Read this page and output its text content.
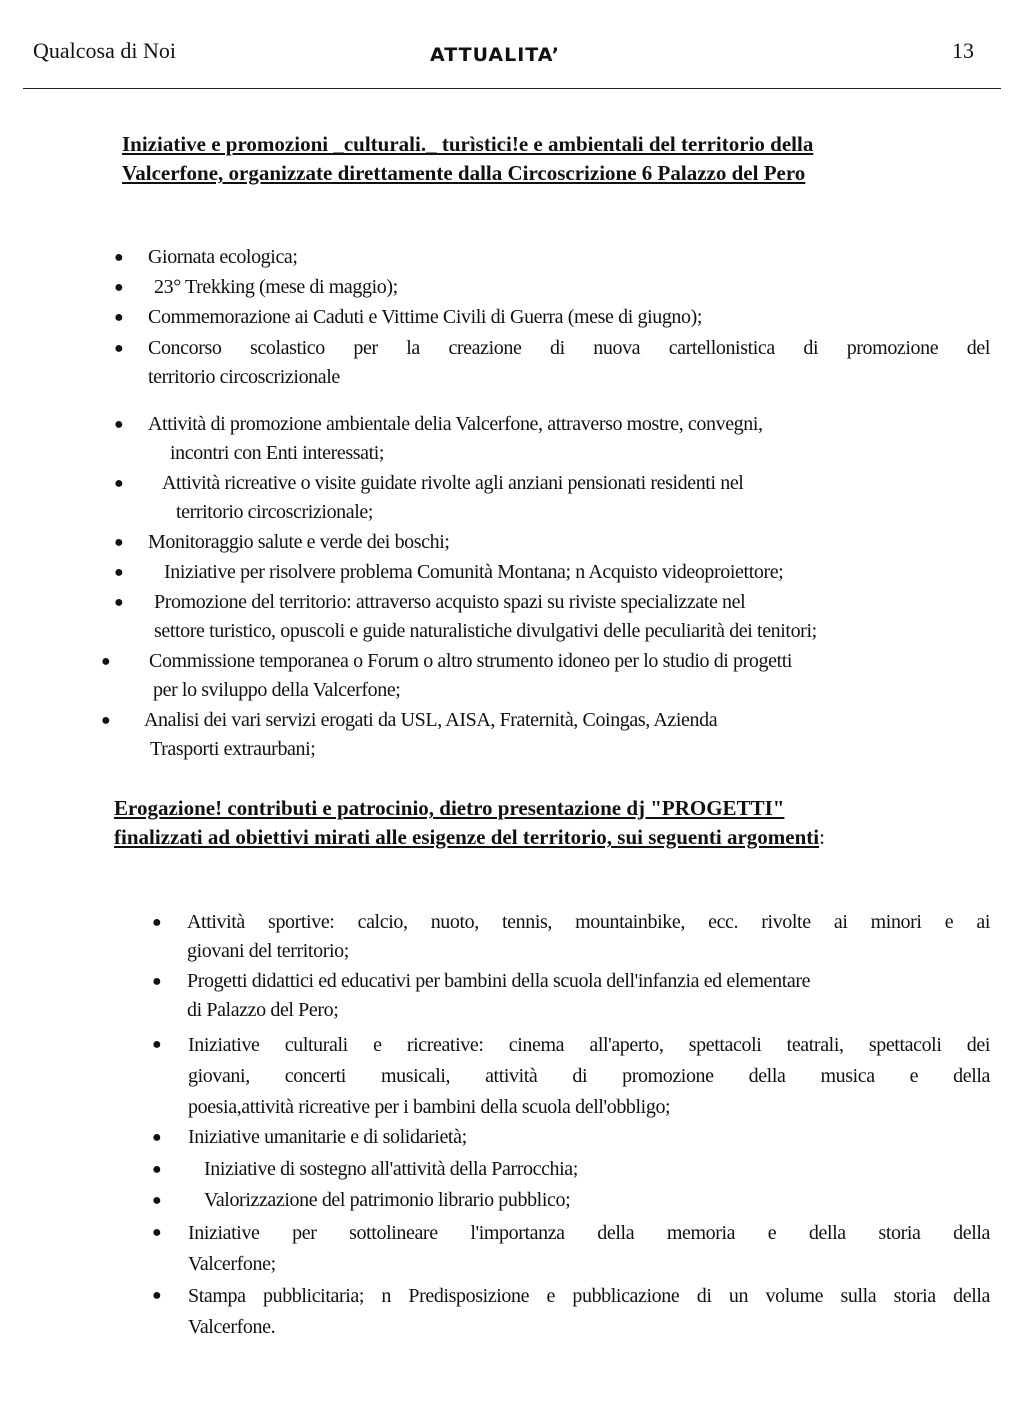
Qualcosa di Noi	ATTUALITA’	13
Iniziative e promozioni _culturali._ turìstici!e e ambientali del territorio della
Valcerfone, organizzate direttamente dalla Circoscrizione 6 Palazzo del Pero
● Giornata ecologica;
● 23° Trekking (mese di maggio);
● Commemorazione ai Caduti e Vittime Civili di Guerra (mese di giugno);
● Concorso scolastico per la creazione di nuova cartellonistica di promozione del
territorio circoscrizionale
● Attività di promozione ambientale delia Valcerfone, attraverso mostre, convegni,
incontri con Enti interessati;
● Attività ricreative o visite guidate rivolte agli anziani pensionati residenti nel
territorio circoscrizionale;
● Monitoraggio salute e verde dei boschi;
● Iniziative per risolvere problema Comunità Montana; n Acquisto videoproiettore;
● Promozione del territorio: attraverso acquisto spazi su riviste specializzate nel
settore turistico, opuscoli e guide naturalistiche divulgativi delle peculiarità dei tenitori;
● Commissione temporanea o Forum o altro strumento idoneo per lo studio di progetti
per lo sviluppo della Valcerfone;
● Analisi dei vari servizi erogati da USL, AISA, Fraternità, Coingas, Azienda
Trasporti extraurbani;
Erogazione! contributi e patrocinio, dietro presentazione dj "PROGETTI"
finalizzati ad obiettivi mirati alle esigenze del territorio, sui seguenti argomenti:
● Attività sportive: calcio, nuoto, tennis, mountainbike, ecc. rivolte ai minori e ai
giovani del territorio;
● Progetti didattici ed educativi per bambini della scuola dell'infanzia ed elementare
di Palazzo del Pero;
● Iniziative culturali e ricreative: cinema all'aperto, spettacoli teatrali, spettacoli dei
giovani, concerti musicali, attività di promozione della musica e della
poesia,attività ricreative per i bambini della scuola dell'obbligo;
● Iniziative umanitarie e di solidarietà;
● Iniziative di sostegno all'attività della Parrocchia;
● Valorizzazione del patrimonio librario pubblico;
● Iniziative per sottolineare l'importanza della memoria e della storia della
Valcerfone;
● Stampa pubblicitaria; n Predisposizione e pubblicazione di un volume sulla storia della
Valcerfone.
